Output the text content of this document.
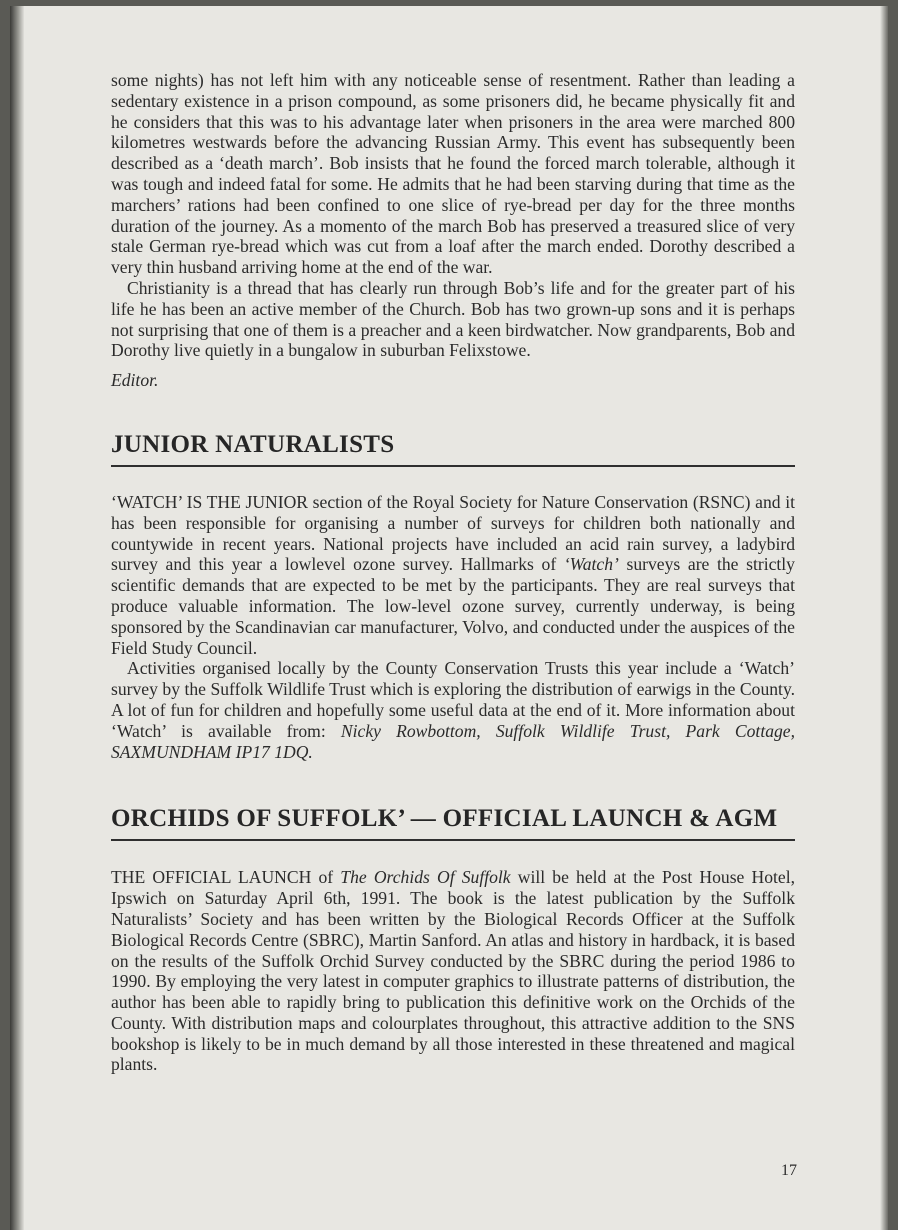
some nights) has not left him with any noticeable sense of resentment. Rather than leading a sedentary existence in a prison compound, as some prisoners did, he became physically fit and he considers that this was to his advantage later when prisoners in the area were marched 800 kilometres westwards before the advancing Russian Army. This event has subsequently been described as a ‘death march’. Bob insists that he found the forced march tolerable, although it was tough and indeed fatal for some. He admits that he had been starving during that time as the marchers’ rations had been confined to one slice of rye-bread per day for the three months duration of the journey. As a momento of the march Bob has preserved a treasured slice of very stale German rye-bread which was cut from a loaf after the march ended. Dorothy described a very thin husband arriving home at the end of the war.

Christianity is a thread that has clearly run through Bob’s life and for the greater part of his life he has been an active member of the Church. Bob has two grown-up sons and it is perhaps not surprising that one of them is a preacher and a keen birdwatcher. Now grandparents, Bob and Dorothy live quietly in a bungalow in suburban Felixstowe.

Editor.

JUNIOR NATURALISTS

‘WATCH’ IS THE JUNIOR section of the Royal Society for Nature Conservation (RSNC) and it has been responsible for organising a number of surveys for children both nationally and countywide in recent years. National projects have included an acid rain survey, a ladybird survey and this year a lowlevel ozone survey. Hallmarks of ‘Watch’ surveys are the strictly scientific demands that are expected to be met by the participants. They are real surveys that produce valuable information. The low-level ozone survey, currently underway, is being sponsored by the Scandinavian car manufacturer, Volvo, and conducted under the auspices of the Field Study Council.

Activities organised locally by the County Conservation Trusts this year include a ‘Watch’ survey by the Suffolk Wildlife Trust which is exploring the distribution of earwigs in the County. A lot of fun for children and hopefully some useful data at the end of it. More information about ‘Watch’ is available from: Nicky Rowbottom, Suffolk Wildlife Trust, Park Cottage, SAXMUNDHAM IP17 1DQ.

ORCHIDS OF SUFFOLK’ — OFFICIAL LAUNCH & AGM

THE OFFICIAL LAUNCH of The Orchids Of Suffolk will be held at the Post House Hotel, Ipswich on Saturday April 6th, 1991. The book is the latest publication by the Suffolk Naturalists’ Society and has been written by the Biological Records Officer at the Suffolk Biological Records Centre (SBRC), Martin Sanford. An atlas and history in hardback, it is based on the results of the Suffolk Orchid Survey conducted by the SBRC during the period 1986 to 1990. By employing the very latest in computer graphics to illustrate patterns of distribution, the author has been able to rapidly bring to publication this definitive work on the Orchids of the County. With distribution maps and colourplates throughout, this attractive addition to the SNS bookshop is likely to be in much demand by all those interested in these threatened and magical plants.

17
